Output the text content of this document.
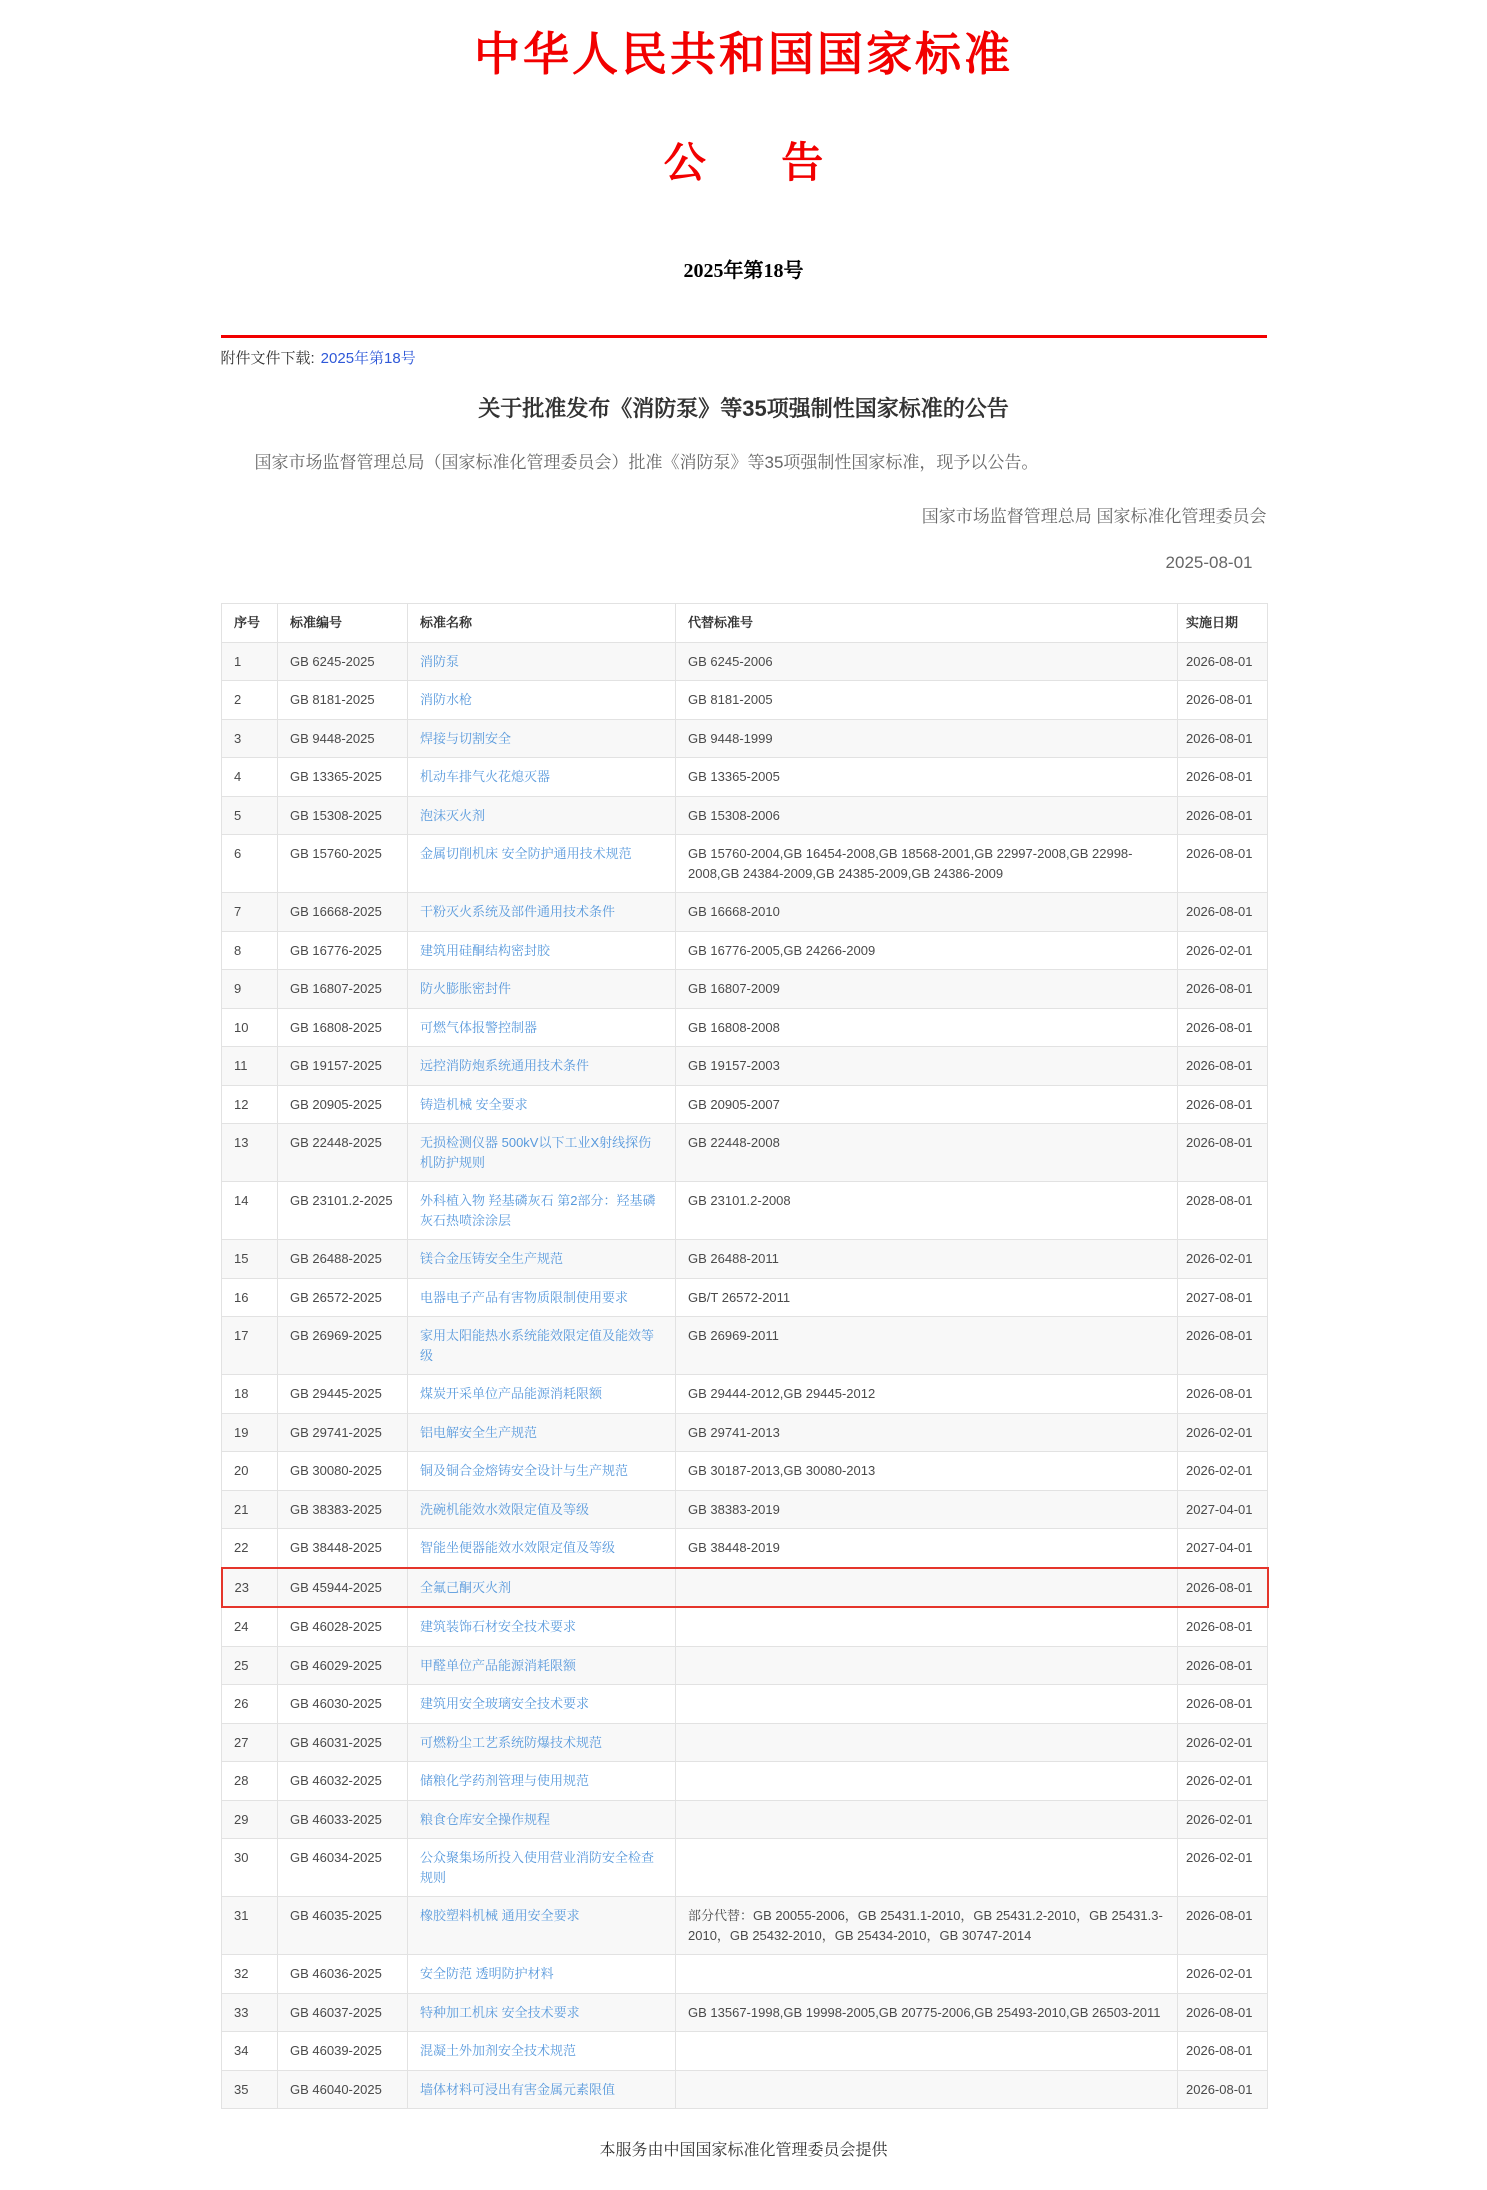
中华人民共和国国家标准
公告
2025年第18号
附件文件下载: 2025年第18号
关于批准发布《消防泵》等35项强制性国家标准的公告

国家市场监督管理总局（国家标准化管理委员会）批准《消防泵》等35项强制性国家标准，现予以公告。

国家市场监督管理总局 国家标准化管理委员会
2025-08-01
序号	标准编号	标准名称	代替标准号	实施日期
1	GB 6245-2025	消防泵	GB 6245-2006	2026-08-01
2	GB 8181-2025	消防水枪	GB 8181-2005	2026-08-01
3	GB 9448-2025	焊接与切割安全	GB 9448-1999	2026-08-01
4	GB 13365-2025	机动车排气火花熄灭器	GB 13365-2005	2026-08-01
5	GB 15308-2025	泡沫灭火剂	GB 15308-2006	2026-08-01
6	GB 15760-2025	金属切削机床 安全防护通用技术规范	GB 15760-2004,GB 16454-2008,GB 18568-2001,GB 22997-2008,GB 22998-2008,GB 24384-2009,GB 24385-2009,GB 24386-2009	2026-08-01
7	GB 16668-2025	干粉灭火系统及部件通用技术条件	GB 16668-2010	2026-08-01
8	GB 16776-2025	建筑用硅酮结构密封胶	GB 16776-2005,GB 24266-2009	2026-02-01
9	GB 16807-2025	防火膨胀密封件	GB 16807-2009	2026-08-01
10	GB 16808-2025	可燃气体报警控制器	GB 16808-2008	2026-08-01
11	GB 19157-2025	远控消防炮系统通用技术条件	GB 19157-2003	2026-08-01
12	GB 20905-2025	铸造机械 安全要求	GB 20905-2007	2026-08-01
13	GB 22448-2025	无损检测仪器 500kV以下工业X射线探伤机防护规则	GB 22448-2008	2026-08-01
14	GB 23101.2-2025	外科植入物 羟基磷灰石 第2部分：羟基磷灰石热喷涂涂层	GB 23101.2-2008	2028-08-01
15	GB 26488-2025	镁合金压铸安全生产规范	GB 26488-2011	2026-02-01
16	GB 26572-2025	电器电子产品有害物质限制使用要求	GB/T 26572-2011	2027-08-01
17	GB 26969-2025	家用太阳能热水系统能效限定值及能效等级	GB 26969-2011	2026-08-01
18	GB 29445-2025	煤炭开采单位产品能源消耗限额	GB 29444-2012,GB 29445-2012	2026-08-01
19	GB 29741-2025	铝电解安全生产规范	GB 29741-2013	2026-02-01
20	GB 30080-2025	铜及铜合金熔铸安全设计与生产规范	GB 30187-2013,GB 30080-2013	2026-02-01
21	GB 38383-2025	洗碗机能效水效限定值及等级	GB 38383-2019	2027-04-01
22	GB 38448-2025	智能坐便器能效水效限定值及等级	GB 38448-2019	2027-04-01
23	GB 45944-2025	全氟己酮灭火剂		2026-08-01
24	GB 46028-2025	建筑装饰石材安全技术要求		2026-08-01
25	GB 46029-2025	甲醛单位产品能源消耗限额		2026-08-01
26	GB 46030-2025	建筑用安全玻璃安全技术要求		2026-08-01
27	GB 46031-2025	可燃粉尘工艺系统防爆技术规范		2026-02-01
28	GB 46032-2025	储粮化学药剂管理与使用规范		2026-02-01
29	GB 46033-2025	粮食仓库安全操作规程		2026-02-01
30	GB 46034-2025	公众聚集场所投入使用营业消防安全检查规则		2026-02-01
31	GB 46035-2025	橡胶塑料机械 通用安全要求	部分代替：GB 20055-2006，GB 25431.1-2010，GB 25431.2-2010，GB 25431.3-2010，GB 25432-2010，GB 25434-2010，GB 30747-2014	2026-08-01
32	GB 46036-2025	安全防范 透明防护材料		2026-02-01
33	GB 46037-2025	特种加工机床 安全技术要求	GB 13567-1998,GB 19998-2005,GB 20775-2006,GB 25493-2010,GB 26503-2011	2026-08-01
34	GB 46039-2025	混凝土外加剂安全技术规范		2026-08-01
35	GB 46040-2025	墙体材料可浸出有害金属元素限值		2026-08-01
本服务由中国国家标准化管理委员会提供
